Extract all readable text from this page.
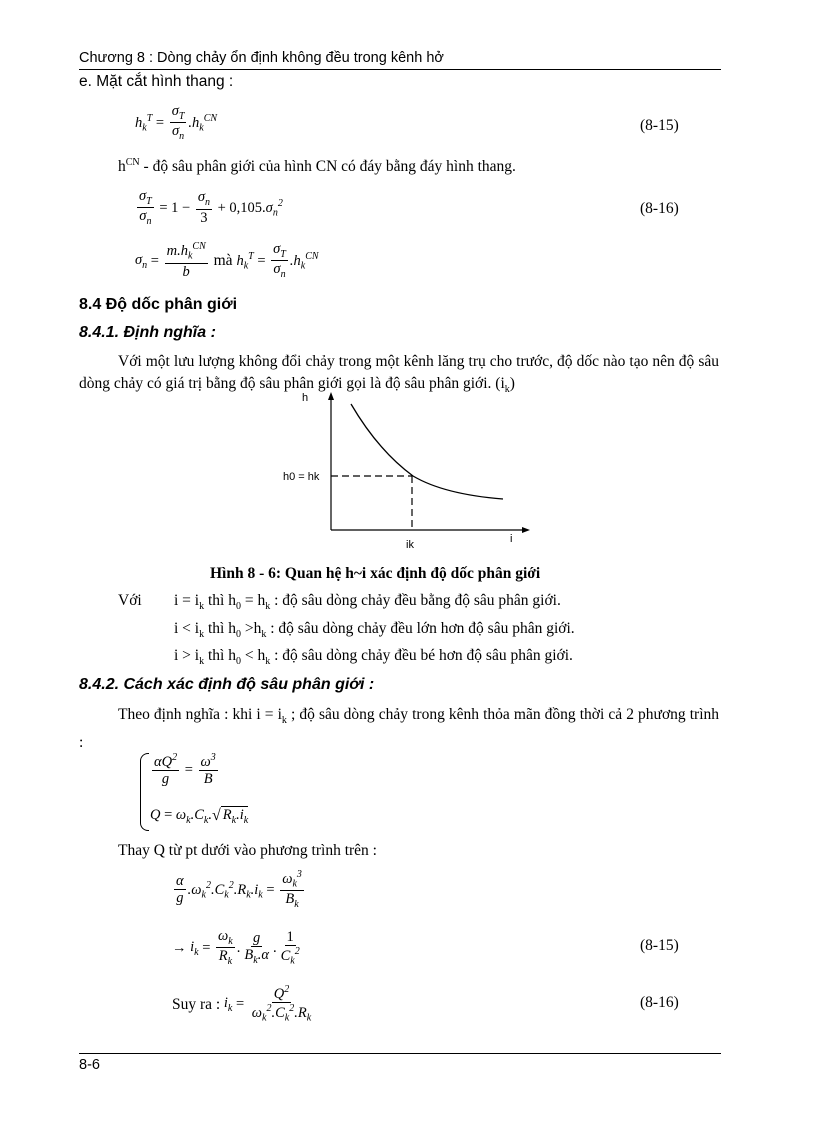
Chương 8 : Dòng chảy ổn định không đều trong kênh hở
e. Mặt cắt hình thang :
$h_k^T = \frac{\sigma_T}{\sigma_n} .h_k^{CN}$	(8-15)
$h^{CN}$ - độ sâu phân giới của hình CN có đáy bằng đáy hình thang.
$\frac{\sigma_T}{\sigma_n} = 1 - \frac{\sigma_n}{3} + 0,105$. $\sigma_n^2$	(8-16)
$\sigma_n = \frac{m.h_k^{CN}}{b}$ mà $h_k^T = \frac{\sigma_T}{\sigma_n} .h_k^{CN}$
8.4 Độ dốc phân giới
8.4.1. Định nghĩa :
Với một lưu lượng không đổi chảy trong một kênh lăng trụ cho trước, độ dốc nào tạo nên độ sâu dòng chảy có giá trị bằng độ sâu phân giới gọi là độ sâu phân giới. $(i_k)$
h
h0 = hk
ik	i
Hình 8 - 6: Quan hệ h~i xác định độ dốc phân giới
Với $i = i_k$ thì $h_0 = h_k$ : độ sâu dòng chảy đều bằng độ sâu phân giới.
$i < i_k$ thì $h_0 >h_k$ : độ sâu dòng chảy đều lớn hơn độ sâu phân giới.
$i > i_k$ thì $h_0 < h_k$ : độ sâu dòng chảy đều bé hơn độ sâu phân giới.
8.4.2. Cách xác định độ sâu phân giới :
Theo định nghĩa : khi $i = i_k$ ; độ sâu dòng chảy trong kênh thỏa mãn đồng thời cả 2 phương trình :
$\frac{\alpha Q^2}{g} = \frac{\omega^3}{B}$
$Q = \omega_k.C_k$. √ $R_k.i_k$
Thay Q từ pt dưới vào phương trình trên :
$\frac{\alpha}{g} .\omega_k^2.C_k^2.R_k.i_k = \frac{\omega_k^3}{B_k}$
→ $i_k = \frac{\omega_k}{R_k}$ . $\frac{g}{B_k.\alpha}$ . $\frac{1}{C_k^2}$	(8-15)
Suy ra : $i_k = \frac{Q^2}{\omega_k^2.C_k^2.R_k}$	(8-16)
8-6
